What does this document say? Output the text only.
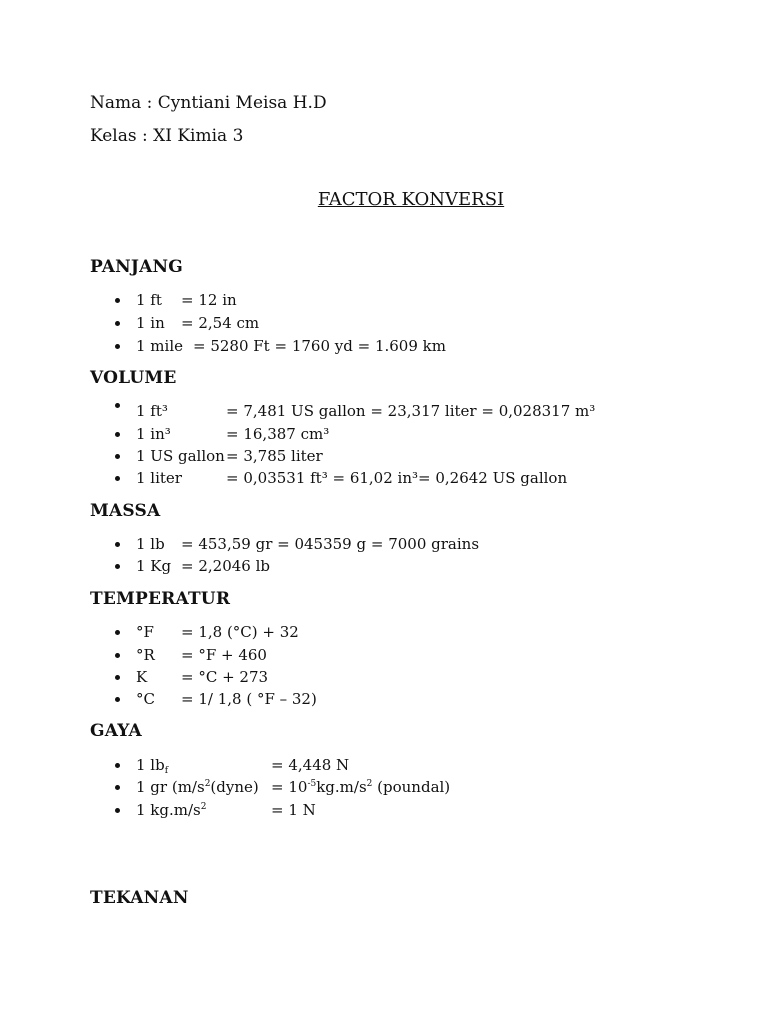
Nama : Cyntiani Meisa H.D
Kelas : XI Kimia 3
FACTOR KONVERSI
PANJANG
1 ft = 12 in
1 in = 2,54 cm
1 mile = 5280 Ft = 1760 yd = 1.609 km
VOLUME
1 ft³	= 7,481 US gallon = 23,317 liter = 0,028317 m³
1 in³	= 16,387 cm³
1 US gallon = 3,785 liter
1 liter	= 0,03531 ft³ = 61,02 in³= 0,2642 US gallon
MASSA
1 lb = 453,59 gr = 045359 g = 7000 grains
1 Kg = 2,2046 lb
TEMPERATUR
°F = 1,8 (°C) + 32
°R = °F + 460
K = °C + 273
°C = 1/ 1,8 ( °F – 32)
GAYA
1 $lb_f$	= 4,448 N
1 gr ($m/s^2(dyne) = 10^{-5}kg.m/s^2$ (poundal)
1 $kg.m/s^2$	= 1 N
TEKANAN
